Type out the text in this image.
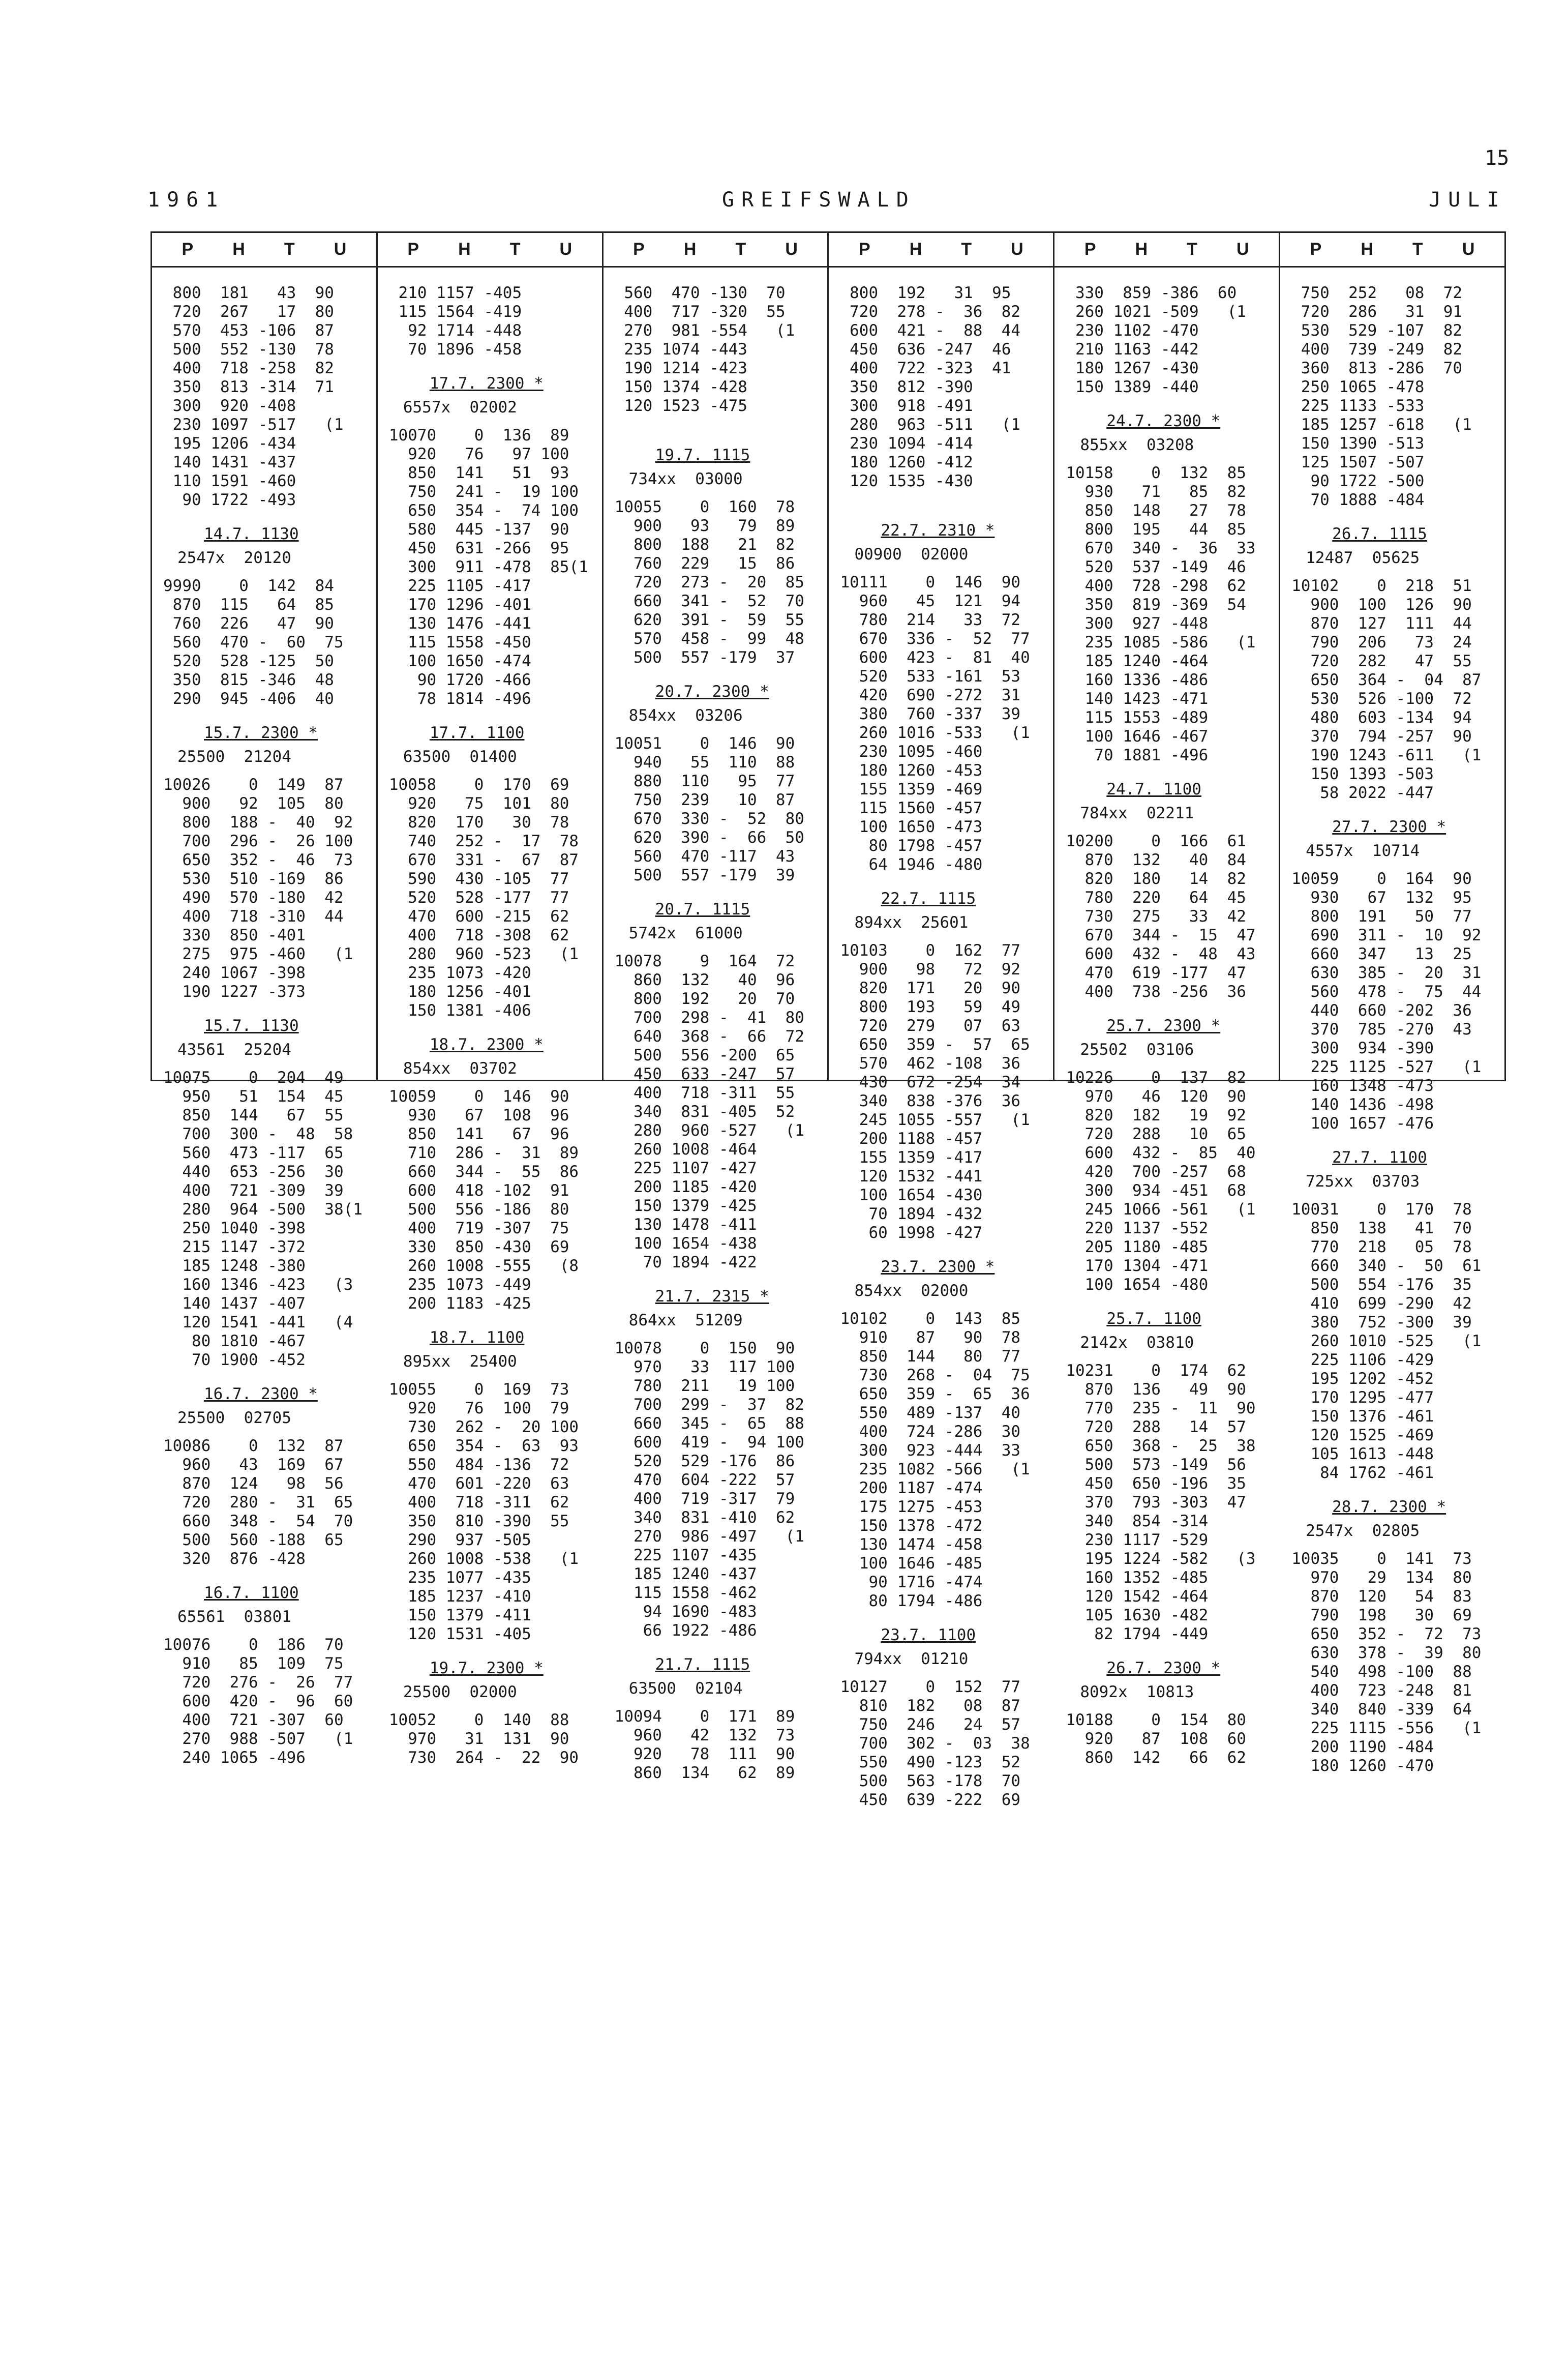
15
1961	GREIFSWALD	JULI
P H T U
800  181   43  90
720  267   17  80
570  453 -106  87
500  552 -130  78
400  718 -258  82
350  813 -314  71
300  920 -408
230 1097 -517   (1
195 1206 -434
140 1431 -437
110 1591 -460
90 1722 -493
14.7. 1130
2547x  20120
9990    0  142  84
870  115   64  85
760  226   47  90
560  470 -  60  75
520  528 -125  50
350  815 -346  48
290  945 -406  40
15.7. 2300 *
25500  21204
10026    0  149  87
900   92  105  80
800  188 -  40  92
700  296 -  26 100
650  352 -  46  73
530  510 -169  86
490  570 -180  42
400  718 -310  44
330  850 -401
275  975 -460   (1
240 1067 -398
190 1227 -373
15.7. 1130
43561  25204
10075    0  204  49
950   51  154  45
850  144   67  55
700  300 -  48  58
560  473 -117  65
440  653 -256  30
400  721 -309  39
280  964 -500  38(1
250 1040 -398
215 1147 -372
185 1248 -380
160 1346 -423   (3
140 1437 -407
120 1541 -441   (4
80 1810 -467
70 1900 -452
16.7. 2300 *
25500  02705
10086    0  132  87
960   43  169  67
870  124   98  56
720  280 -  31  65
660  348 -  54  70
500  560 -188  65
320  876 -428
16.7. 1100
65561  03801
10076    0  186  70
910   85  109  75
720  276 -  26  77
600  420 -  96  60
400  721 -307  60
270  988 -507   (1
240 1065 -496
P H T U
210 1157 -405
115 1564 -419
92 1714 -448
70 1896 -458
17.7. 2300 *
6557x  02002
10070    0  136  89
920   76   97 100
850  141   51  93
750  241 -  19 100
650  354 -  74 100
580  445 -137  90
450  631 -266  95
300  911 -478  85(1
225 1105 -417
170 1296 -401
130 1476 -441
115 1558 -450
100 1650 -474
90 1720 -466
78 1814 -496
17.7. 1100
63500  01400
10058    0  170  69
920   75  101  80
820  170   30  78
740  252 -  17  78
670  331 -  67  87
590  430 -105  77
520  528 -177  77
470  600 -215  62
400  718 -308  62
280  960 -523   (1
235 1073 -420
180 1256 -401
150 1381 -406
18.7. 2300 *
854xx  03702
10059    0  146  90
930   67  108  96
850  141   67  96
710  286 -  31  89
660  344 -  55  86
600  418 -102  91
500  556 -186  80
400  719 -307  75
330  850 -430  69
260 1008 -555   (8
235 1073 -449
200 1183 -425
18.7. 1100
895xx  25400
10055    0  169  73
920   76  100  79
730  262 -  20 100
650  354 -  63  93
550  484 -136  72
470  601 -220  63
400  718 -311  62
350  810 -390  55
290  937 -505
260 1008 -538   (1
235 1077 -435
185 1237 -410
150 1379 -411
120 1531 -405
19.7. 2300 *
25500  02000
10052    0  140  88
970   31  131  90
730  264 -  22  90
P H T U
560  470 -130  70
400  717 -320  55
270  981 -554   (1
235 1074 -443
190 1214 -423
150 1374 -428
120 1523 -475
19.7. 1115
734xx  03000
10055    0  160  78
900   93   79  89
800  188   21  82
760  229   15  86
720  273 -  20  85
660  341 -  52  70
620  391 -  59  55
570  458 -  99  48
500  557 -179  37
20.7. 2300 *
854xx  03206
10051    0  146  90
940   55  110  88
880  110   95  77
750  239   10  87
670  330 -  52  80
620  390 -  66  50
560  470 -117  43
500  557 -179  39
20.7. 1115
5742x  61000
10078    9  164  72
860  132   40  96
800  192   20  70
700  298 -  41  80
640  368 -  66  72
500  556 -200  65
450  633 -247  57
400  718 -311  55
340  831 -405  52
280  960 -527   (1
260 1008 -464
225 1107 -427
200 1185 -420
150 1379 -425
130 1478 -411
100 1654 -438
70 1894 -422
21.7. 2315 *
864xx  51209
10078    0  150  90
970   33  117 100
780  211   19 100
700  299 -  37  82
660  345 -  65  88
600  419 -  94 100
520  529 -176  86
470  604 -222  57
400  719 -317  79
340  831 -410  62
270  986 -497   (1
225 1107 -435
185 1240 -437
115 1558 -462
94 1690 -483
66 1922 -486
21.7. 1115
63500  02104
10094    0  171  89
960   42  132  73
920   78  111  90
860  134   62  89
P H T U
800  192   31  95
720  278 -  36  82
600  421 -  88  44
450  636 -247  46
400  722 -323  41
350  812 -390
300  918 -491
280  963 -511   (1
230 1094 -414
180 1260 -412
120 1535 -430
22.7. 2310 *
00900  02000
10111    0  146  90
960   45  121  94
780  214   33  72
670  336 -  52  77
600  423 -  81  40
520  533 -161  53
420  690 -272  31
380  760 -337  39
260 1016 -533   (1
230 1095 -460
180 1260 -453
155 1359 -469
115 1560 -457
100 1650 -473
80 1798 -457
64 1946 -480
22.7. 1115
894xx  25601
10103    0  162  77
900   98   72  92
820  171   20  90
800  193   59  49
720  279   07  63
650  359 -  57  65
570  462 -108  36
430  672 -254  34
340  838 -376  36
245 1055 -557   (1
200 1188 -457
155 1359 -417
120 1532 -441
100 1654 -430
70 1894 -432
60 1998 -427
23.7. 2300 *
854xx  02000
10102    0  143  85
910   87   90  78
850  144   80  77
730  268 -  04  75
650  359 -  65  36
550  489 -137  40
400  724 -286  30
300  923 -444  33
235 1082 -566   (1
200 1187 -474
175 1275 -453
150 1378 -472
130 1474 -458
100 1646 -485
90 1716 -474
80 1794 -486
23.7. 1100
794xx  01210
10127    0  152  77
810  182   08  87
750  246   24  57
700  302 -  03  38
550  490 -123  52
500  563 -178  70
450  639 -222  69
P H T U
330  859 -386  60
260 1021 -509   (1
230 1102 -470
210 1163 -442
180 1267 -430
150 1389 -440
24.7. 2300 *
855xx  03208
10158    0  132  85
930   71   85  82
850  148   27  78
800  195   44  85
670  340 -  36  33
520  537 -149  46
400  728 -298  62
350  819 -369  54
300  927 -448
235 1085 -586   (1
185 1240 -464
160 1336 -486
140 1423 -471
115 1553 -489
100 1646 -467
70 1881 -496
24.7. 1100
784xx  02211
10200    0  166  61
870  132   40  84
820  180   14  82
780  220   64  45
730  275   33  42
670  344 -  15  47
600  432 -  48  43
470  619 -177  47
400  738 -256  36
25.7. 2300 *
25502  03106
10226    0  137  82
970   46  120  90
820  182   19  92
720  288   10  65
600  432 -  85  40
420  700 -257  68
300  934 -451  68
245 1066 -561   (1
220 1137 -552
205 1180 -485
170 1304 -471
100 1654 -480
25.7. 1100
2142x  03810
10231    0  174  62
870  136   49  90
770  235 -  11  90
720  288   14  57
650  368 -  25  38
500  573 -149  56
450  650 -196  35
370  793 -303  47
340  854 -314
230 1117 -529
195 1224 -582   (3
160 1352 -485
120 1542 -464
105 1630 -482
82 1794 -449
26.7. 2300 *
8092x  10813
10188    0  154  80
920   87  108  60
860  142   66  62
P H T U
750  252   08  72
720  286   31  91
530  529 -107  82
400  739 -249  82
360  813 -286  70
250 1065 -478
225 1133 -533
185 1257 -618   (1
150 1390 -513
125 1507 -507
90 1722 -500
70 1888 -484
26.7. 1115
12487  05625
10102    0  218  51
900  100  126  90
870  127  111  44
790  206   73  24
720  282   47  55
650  364 -  04  87
530  526 -100  72
480  603 -134  94
370  794 -257  90
190 1243 -611   (1
150 1393 -503
58 2022 -447
27.7. 2300 *
4557x  10714
10059    0  164  90
930   67  132  95
800  191   50  77
690  311 -  10  92
660  347   13  25
630  385 -  20  31
560  478 -  75  44
440  660 -202  36
370  785 -270  43
300  934 -390
225 1125 -527   (1
160 1348 -473
140 1436 -498
100 1657 -476
27.7. 1100
725xx  03703
10031    0  170  78
850  138   41  70
770  218   05  78
660  340 -  50  61
500  554 -176  35
410  699 -290  42
380  752 -300  39
260 1010 -525   (1
225 1106 -429
195 1202 -452
170 1295 -477
150 1376 -461
120 1525 -469
105 1613 -448
84 1762 -461
28.7. 2300 *
2547x  02805
10035    0  141  73
970   29  134  80
870  120   54  83
790  198   30  69
650  352 -  72  73
630  378 -  39  80
540  498 -100  88
400  723 -248  81
340  840 -339  64
225 1115 -556   (1
200 1190 -484
180 1260 -470
